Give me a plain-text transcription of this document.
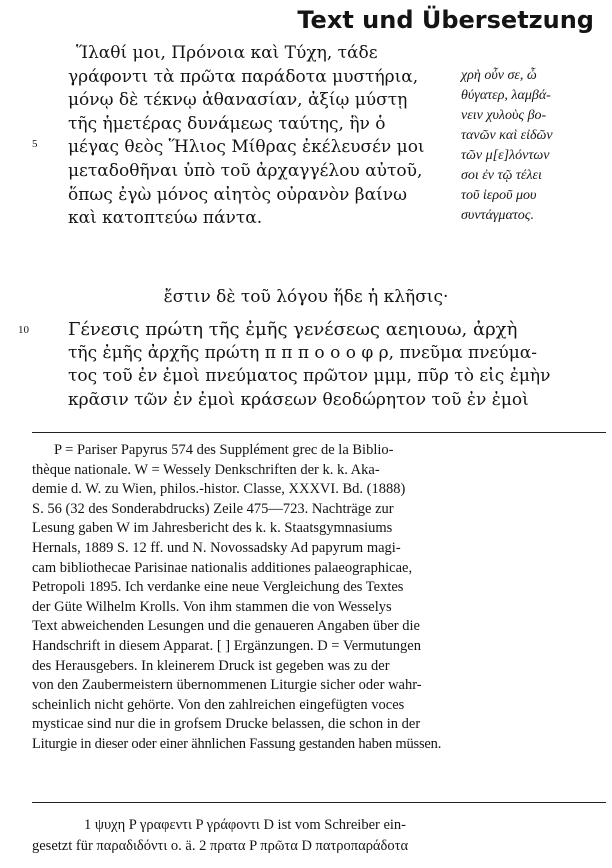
Text und Übersetzung
Ἵλαθί μοι, Πρόνοια καὶ Τύχη, τάδε
γράφοντι τὰ πρῶτα παράδοτα μυστήρια,
μόνῳ δὲ τέκνῳ ἀθανασίαν, ἀξίῳ μύστῃ
τῆς ἡμετέρας δυνάμεως ταύτης, ἣν ὁ
μέγας θεὸς Ἥλιος Μίθρας ἐκέλευσέν μοι
μεταδοθῆναι ὑπὸ τοῦ ἀρχαγγέλου αὐτοῦ,
ὅπως ἐγὼ μόνος αἰητὸς οὐρανὸν βαίνω
καὶ κατοπτεύω πάντα.
5
χρὴ οὖν σε, ὦ
θύγατερ, λαμβά-
νειν χυλοὺς βο-
τανῶν καὶ εἰδῶν
τῶν μ[ε]λόντων
σοι ἐν τῷ τέλει
τοῦ ἱεροῦ μου
συντάγματος.
ἔστιν δὲ τοῦ λόγου ἥδε ἡ κλῆσις·
10 Γένεσις πρώτη τῆς ἐμῆς γενέσεως αεηιουω, ἀρχὴ
τῆς ἐμῆς ἀρχῆς πρώτη π π π ο ο ο φ ρ, πνεῦμα πνεύμα-
τος τοῦ ἐν ἐμοὶ πνεύματος πρῶτον μμμ, πῦρ τὸ εἰς ἐμὴν
κρᾶσιν τῶν ἐν ἐμοὶ κράσεων θεοδώρητον τοῦ ἐν ἐμοὶ
P = Pariser Papyrus 574 des Supplément grec de la Biblio-
thèque nationale. W = Wessely Denkschriften der k. k. Aka-
demie d. W. zu Wien, philos.-histor. Classe, XXXVI. Bd. (1888)
S. 56 (32 des Sonderabdrucks) Zeile 475—723. Nachträge zur
Lesung gaben W im Jahresbericht des k. k. Staatsgymnasiums
Hernals, 1889 S. 12 ff. und N. Novossadsky Ad papyrum magi-
cam bibliothecae Parisinae nationalis additiones palaeographicae,
Petropoli 1895. Ich verdanke eine neue Vergleichung des Textes
der Güte Wilhelm Krolls. Von ihm stammen die von Wesselys
Text abweichenden Lesungen und die genaueren Angaben über die
Handschrift in diesem Apparat. [ ] Ergänzungen. D = Vermutungen
des Herausgebers. In kleinerem Druck ist gegeben was zu der
von den Zaubermeistern übernommenen Liturgie sicher oder wahr-
scheinlich nicht gehörte. Von den zahlreichen eingefügten voces
mysticae sind nur die in grofsem Drucke belassen, die schon in der
Liturgie in dieser oder einer ähnlichen Fassung gestanden haben müssen.
1 ψυχη P γραφεντι P γράφοντι D ist vom Schreiber ein-
gesetzt für παραδιδόντι o. ä. 2 πρατα P πρῶτα D πατροπαράδοτα
